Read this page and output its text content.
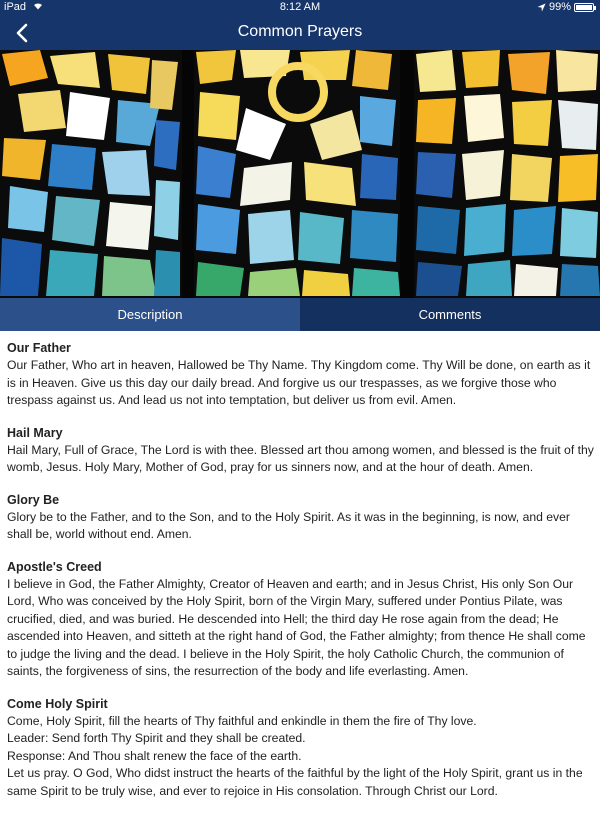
iPad	8:12 AM	99%
Common Prayers
Description	Comments
Our Father
Our Father, Who art in heaven, Hallowed be Thy Name. Thy Kingdom come. Thy Will be done, on earth as it is in Heaven. Give us this day our daily bread. And forgive us our trespasses, as we forgive those who trespass against us. And lead us not into temptation, but deliver us from evil. Amen.
Hail Mary
Hail Mary, Full of Grace, The Lord is with thee. Blessed art thou among women, and blessed is the fruit of thy womb, Jesus. Holy Mary, Mother of God, pray for us sinners now, and at the hour of death. Amen.
Glory Be
Glory be to the Father, and to the Son, and to the Holy Spirit. As it was in the beginning, is now, and ever shall be, world without end. Amen.
Apostle's Creed
I believe in God, the Father Almighty, Creator of Heaven and earth; and in Jesus Christ, His only Son Our Lord, Who was conceived by the Holy Spirit, born of the Virgin Mary, suffered under Pontius Pilate, was crucified, died, and was buried. He descended into Hell; the third day He rose again from the dead; He ascended into Heaven, and sitteth at the right hand of God, the Father almighty; from thence He shall come to judge the living and the dead. I believe in the Holy Spirit, the holy Catholic Church, the communion of saints, the forgiveness of sins, the resurrection of the body and life everlasting. Amen.
Come Holy Spirit
Come, Holy Spirit, fill the hearts of Thy faithful and enkindle in them the fire of Thy love.
Leader: Send forth Thy Spirit and they shall be created.
Response: And Thou shalt renew the face of the earth.
Let us pray. O God, Who didst instruct the hearts of the faithful by the light of the Holy Spirit, grant us in the same Spirit to be truly wise, and ever to rejoice in His consolation. Through Christ our Lord.
